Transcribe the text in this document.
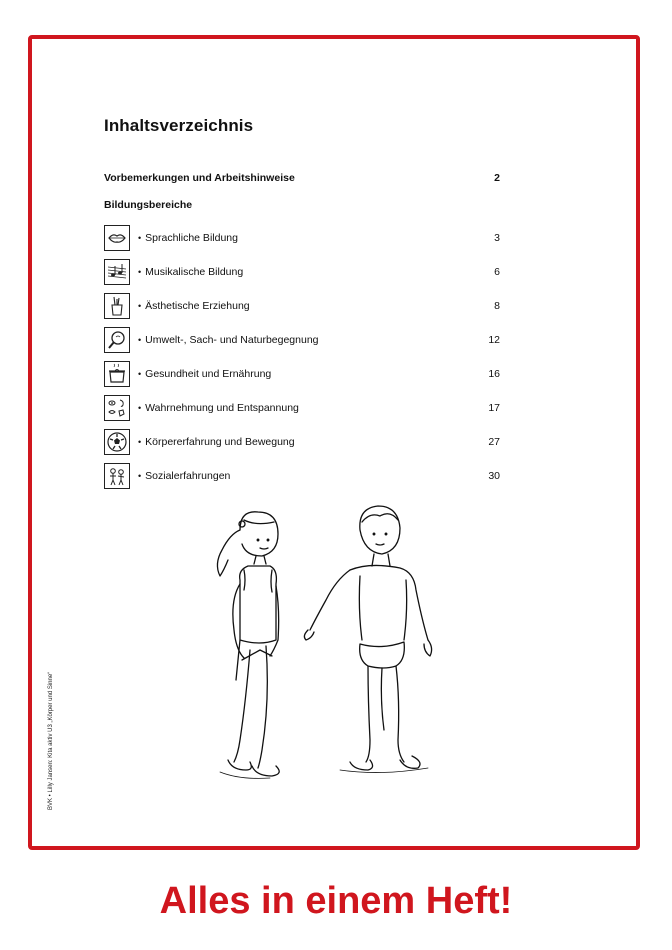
Inhaltsverzeichnis
Vorbemerkungen und Arbeitshinweise	2
Bildungsbereiche
• Sprachliche Bildung	3
• Musikalische Bildung	6
• Ästhetische Erziehung	8
• Umwelt-, Sach- und Naturbegegnung	12
• Gesundheit und Ernährung	16
• Wahrnehmung und Entspannung	17
• Körpererfahrung und Bewegung	27
• Sozialerfahrungen	30
BVK • Lilly Jansen: Kita aktiv U3 „Körper und Sinne“
Alles in einem Heft!
